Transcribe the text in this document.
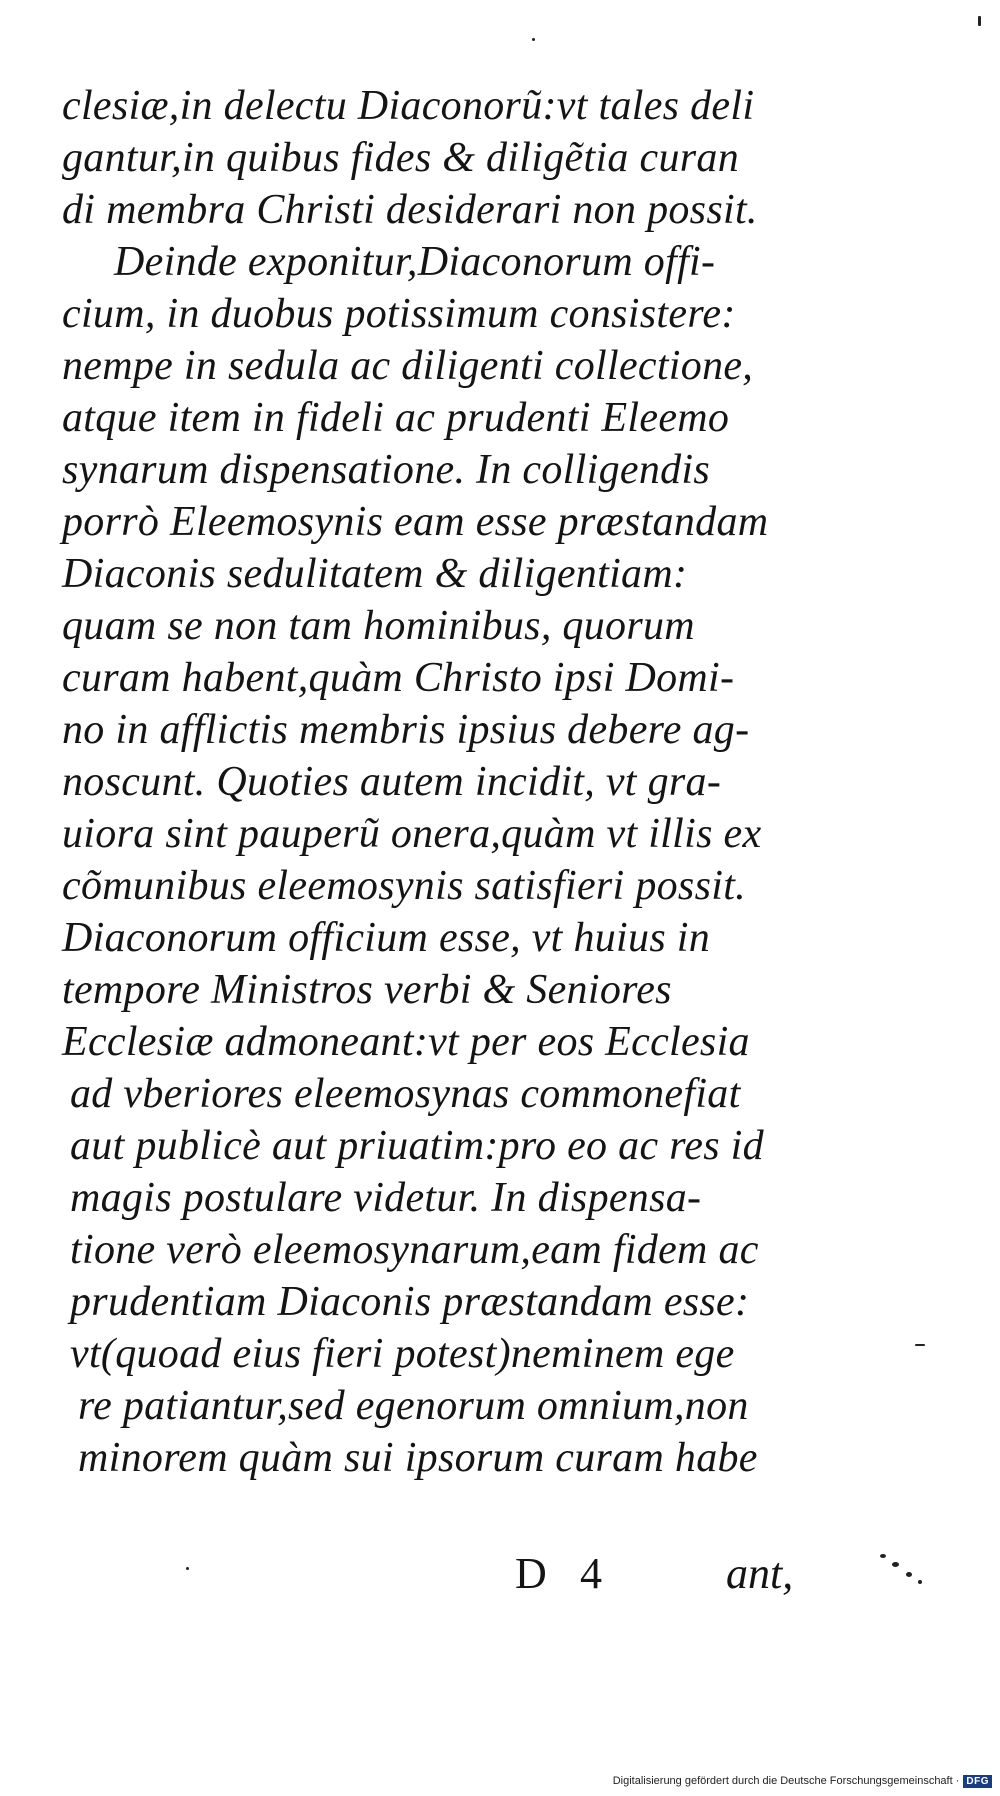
clesiæ,in delectu Diaconorũ:vt tales deli
gantur,in quibus fides & diligẽtia curan
di membra Christi desiderari non possit.
Deinde exponitur,Diaconorum offi-
cium, in duobus potissimum consistere:
nempe in sedula ac diligenti collectione,
atque item in fideli ac prudenti Eleemo
synarum dispensatione. In colligendis
porrò Eleemosynis eam esse præstandam
Diaconis sedulitatem & diligentiam:
quam se non tam hominibus, quorum
curam habent,quàm Christo ipsi Domi-
no in afflictis membris ipsius debere ag-
noscunt. Quoties autem incidit, vt gra-
uiora sint pauperũ onera,quàm vt illis ex
cõmunibus eleemosynis satisfieri possit.
Diaconorum officium esse, vt huius in
tempore Ministros verbi & Seniores
Ecclesiæ admoneant:vt per eos Ecclesia
ad vberiores eleemosynas commonefiat
aut publicè aut priuatim:pro eo ac res id
magis postulare videtur. In dispensa-
tione verò eleemosynarum,eam fidem ac
prudentiam Diaconis præstandam esse:
vt(quoad eius fieri potest)neminem ege
re patiantur,sed egenorum omnium,non
minorem quàm sui ipsorum curam habe
D 4	ant,
Digitalisierung gefördert durch die Deutsche Forschungsgemeinschaft · DFG
